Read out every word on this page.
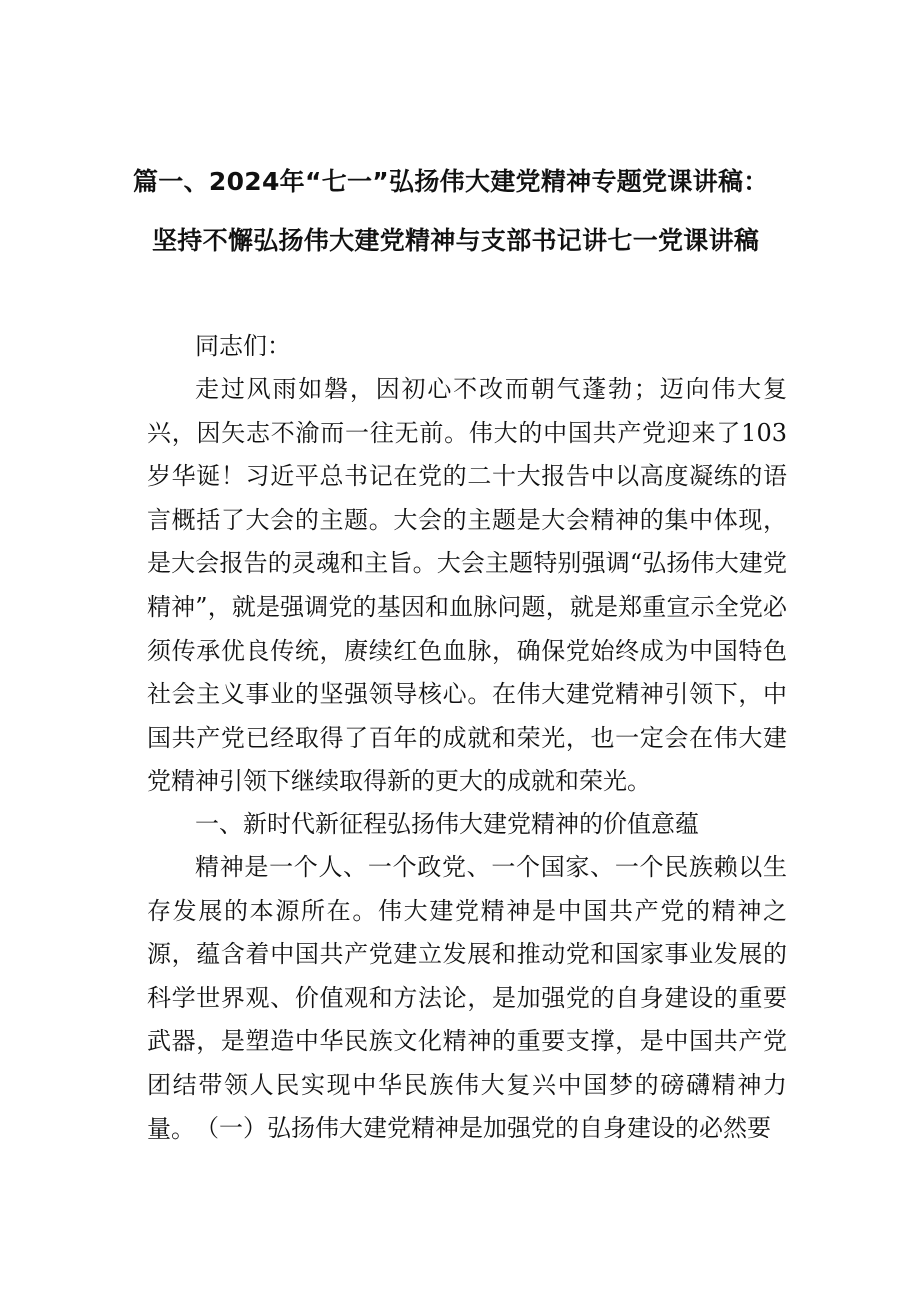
篇一、2024年“七一”弘扬伟大建党精神专题党课讲稿：
坚持不懈弘扬伟大建党精神与支部书记讲七一党课讲稿
同志们：

走过风雨如磐，因初心不改而朝气蓬勃；迈向伟大复兴，因矢志不渝而一往无前。伟大的中国共产党迎来了103岁华诞！习近平总书记在党的二十大报告中以高度凝练的语言概括了大会的主题。大会的主题是大会精神的集中体现，是大会报告的灵魂和主旨。大会主题特别强调“弘扬伟大建党精神”，就是强调党的基因和血脉问题，就是郑重宣示全党必须传承优良传统，赓续红色血脉，确保党始终成为中国特色社会主义事业的坚强领导核心。在伟大建党精神引领下，中国共产党已经取得了百年的成就和荣光，也一定会在伟大建党精神引领下继续取得新的更大的成就和荣光。

一、新时代新征程弘扬伟大建党精神的价值意蕴

精神是一个人、一个政党、一个国家、一个民族赖以生存发展的本源所在。伟大建党精神是中国共产党的精神之源，蕴含着中国共产党建立发展和推动党和国家事业发展的科学世界观、价值观和方法论，是加强党的自身建设的重要武器，是塑造中华民族文化精神的重要支撑，是中国共产党团结带领人民实现中华民族伟大复兴中国梦的磅礴精神力量。 （一）弘扬伟大建党精神是加强党的自身建设的必然要
